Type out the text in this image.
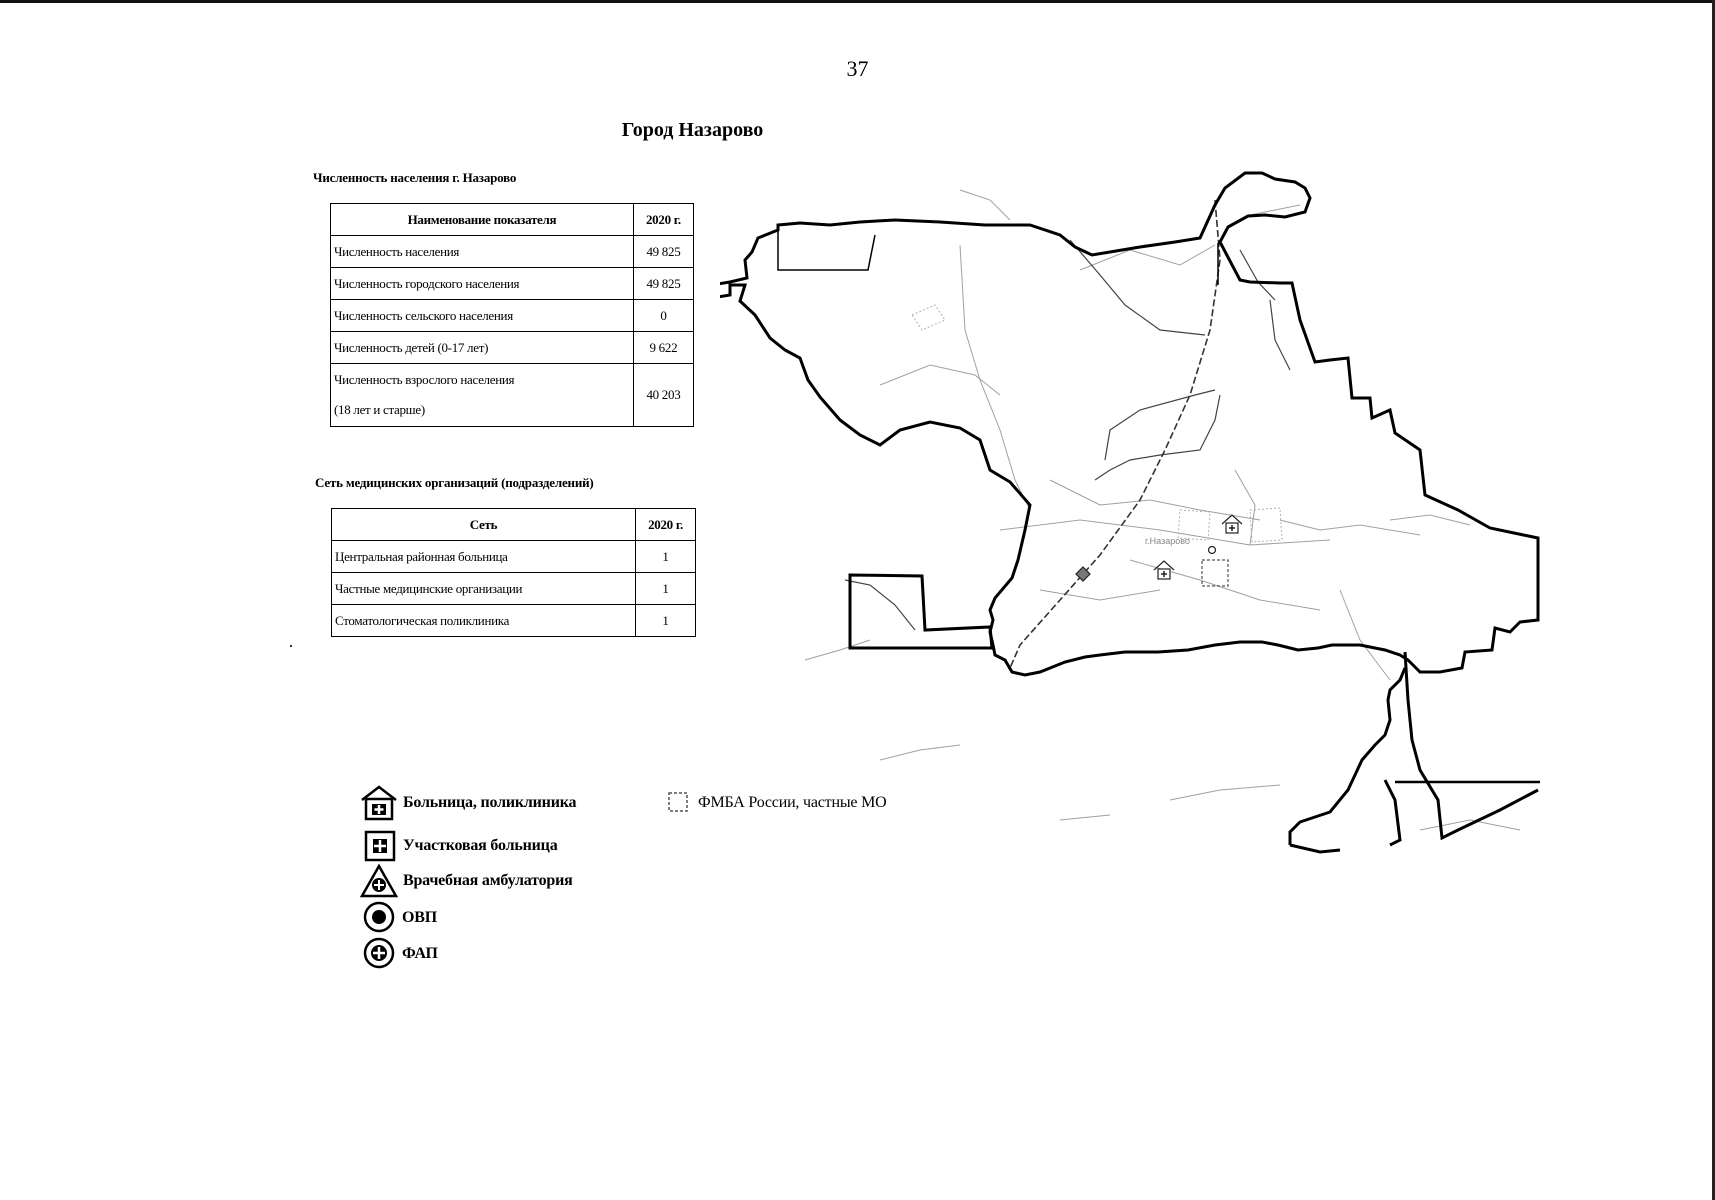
37
Город Назарово
Численность населения г. Назарово
Наименование показателя	2020 г.
Численность населения	49 825
Численность городского населения	49 825
Численность сельского населения	0
Численность детей (0-17 лет)	9 622

Численность взрослого населения
(18 лет и старше)	40 203
Сеть медицинских организаций (подразделений)
Сеть	2020 г.
Центральная районная больница	1
Частные медицинские организации	1
Стоматологическая поликлиника	1
г.Назарово
Больница, поликлиника
Участковая больница
Врачебная амбулатория
ОВП
ФАП
ФМБА России, частные МО
